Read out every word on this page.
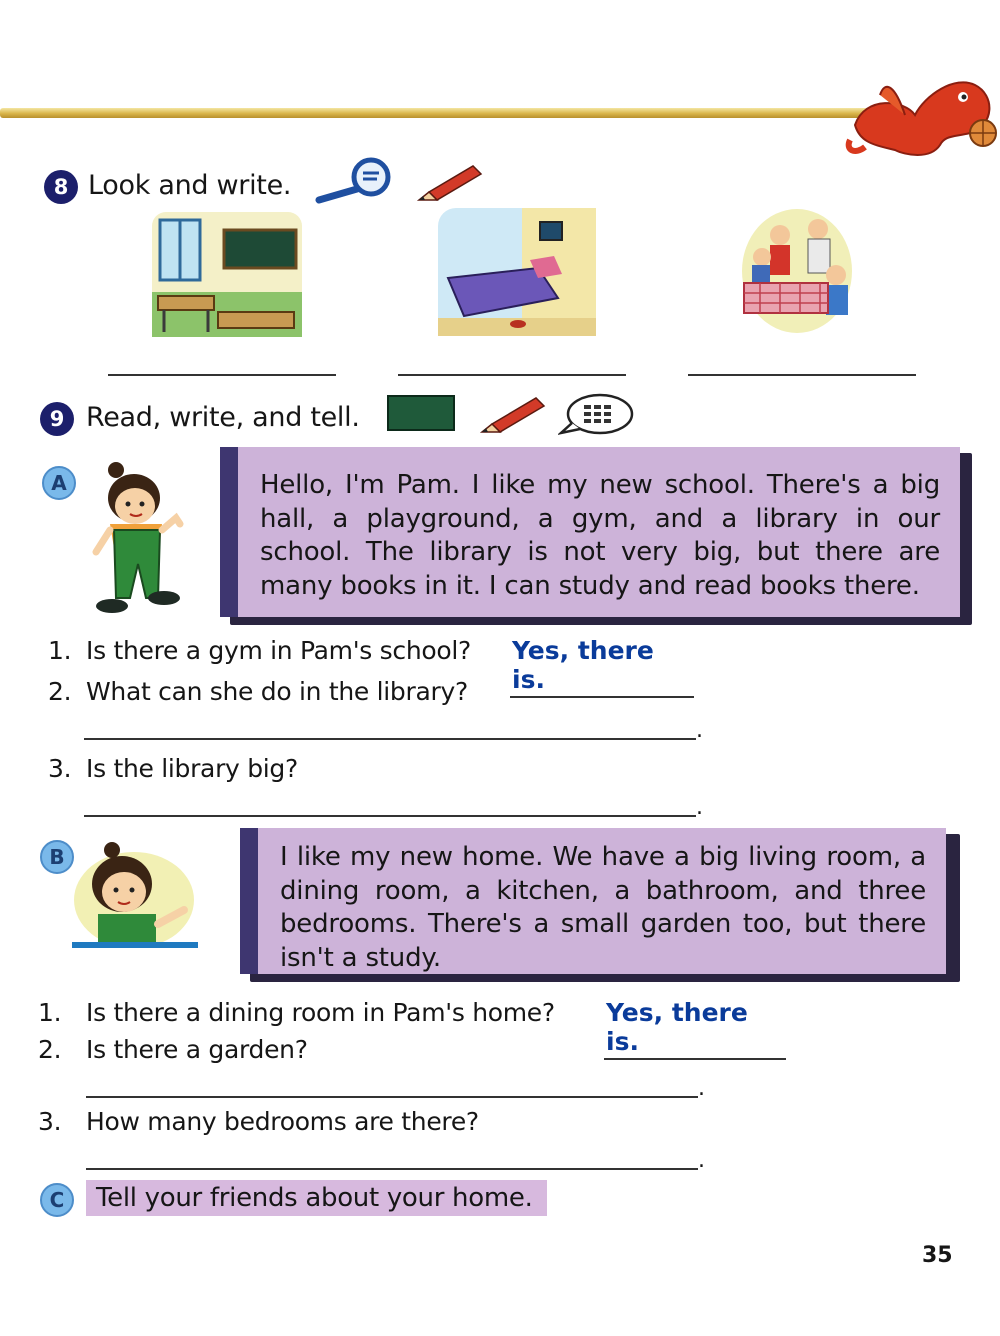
8 Look and write.
9 Read, write, and tell.
A	Hello, I'm Pam. I like my new school. There's a big hall, a playground, a gym, and a library in our school. The library is not very big, but there are many books in it. I can study and read books there.
1. Is there a gym in Pam's school? Yes, there is.
2. What can she do in the library?
.
3. Is the library big?
.
B	I like my new home. We have a big living room, a dining room, a kitchen, a bathroom, and three bedrooms. There's a small garden too, but there isn't a study.
1. Is there a dining room in Pam's home? Yes, there is.
2. Is there a garden?
.
3. How many bedrooms are there?
.
C	Tell your friends about your home.
35
